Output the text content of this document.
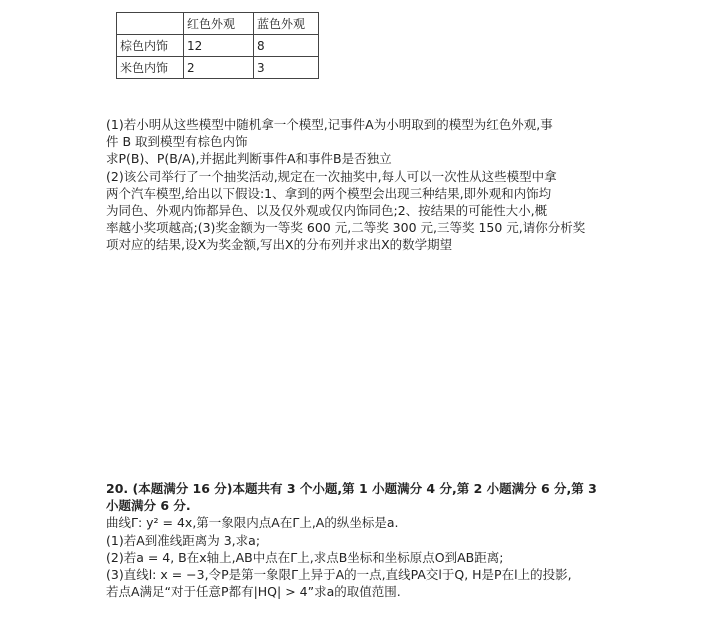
	红色外观	蓝色外观
棕色内饰	12	8
米色内饰	2	3
(1)若小明从这些模型中随机拿一个模型,记事件A为小明取到的模型为红色外观,事
件 B 取到模型有棕色内饰
求P(B)、P(B/A),并据此判断事件A和事件B是否独立
(2)该公司举行了一个抽奖活动,规定在一次抽奖中,每人可以一次性从这些模型中拿
两个汽车模型,给出以下假设:1、拿到的两个模型会出现三种结果,即外观和内饰均
为同色、外观内饰都异色、以及仅外观或仅内饰同色;2、按结果的可能性大小,概
率越小奖项越高;(3)奖金额为一等奖 600 元,二等奖 300 元,三等奖 150 元,请你分析奖
项对应的结果,设X为奖金额,写出X的分布列并求出X的数学期望
20. (本题满分 16 分)本题共有 3 个小题,第 1 小题满分 4 分,第 2 小题满分 6 分,第 3
小题满分 6 分.
曲线Γ: y² = 4x,第一象限内点A在Γ上,A的纵坐标是a.
(1)若A到准线距离为 3,求a;
(2)若a = 4, B在x轴上,AB中点在Γ上,求点B坐标和坐标原点O到AB距离;
(3)直线l: x = −3,令P是第一象限Γ上异于A的一点,直线PA交l于Q, H是P在l上的投影,
若点A满足“对于任意P都有|HQ| > 4”求a的取值范围.
